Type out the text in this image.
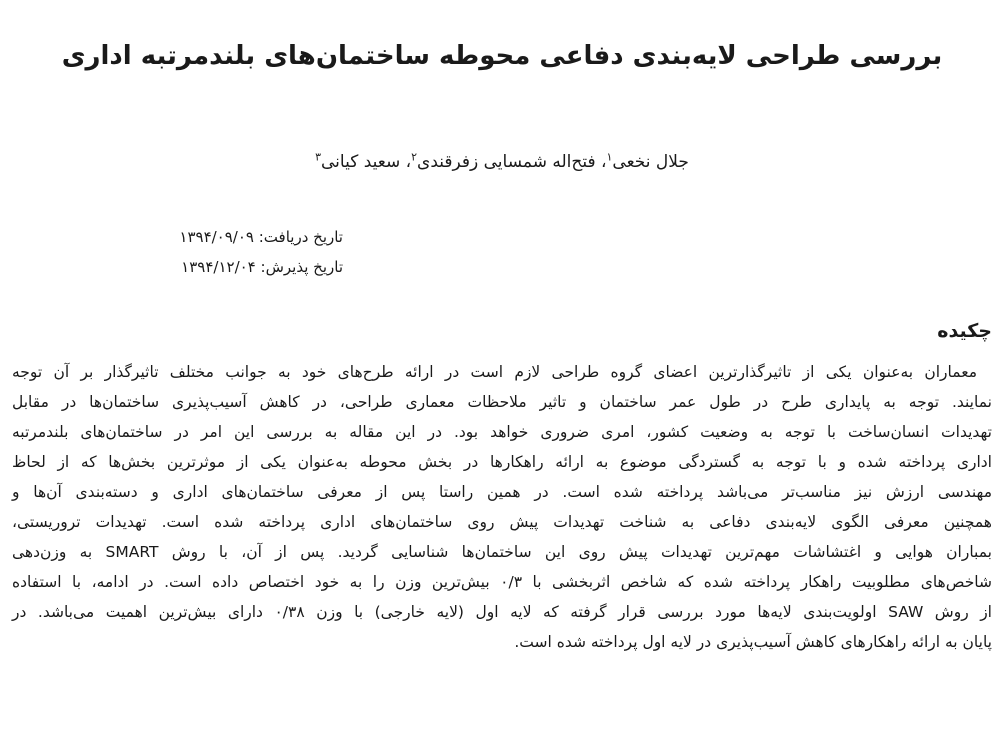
بررسی طراحی لایه‌بندی دفاعی محوطه ساختمان‌های بلندمرتبه اداری
جلال نخعی$^۱$، فتح‌اله شمسایی زفرقندی$^۲$، سعید کیانی$^۳$
تاریخ دریافت: ۱۳۹۴/۰۹/۰۹
تاریخ پذیرش: ۱۳۹۴/۱۲/۰۴
چکیده
معماران به‌عنوان یکی از تاثیرگذارترین اعضای گروه طراحی لازم است در ارائه طرح‌های خود به جوانب مختلف تاثیرگذار بر آن توجه
نمایند. توجه به پایداری طرح در طول عمر ساختمان و تاثیر ملاحظات معماری طراحی، در کاهش آسیب‌پذیری ساختمان‌ها در مقابل
تهدیدات انسان‌ساخت با توجه به وضعیت کشور، امری ضروری خواهد بود. در این مقاله به بررسی این امر در ساختمان‌های بلندمرتبه
اداری پرداخته شده و با توجه به گستردگی موضوع به ارائه راهکارها در بخش محوطه به‌عنوان یکی از موثرترین بخش‌ها که از لحاظ
مهندسی ارزش نیز مناسب‌تر می‌باشد پرداخته شده است. در همین راستا پس از معرفی ساختمان‌های اداری و دسته‌بندی آن‌ها و
همچنین معرفی الگوی لایه‌بندی دفاعی به شناخت تهدیدات پیش روی ساختمان‌های اداری پرداخته شده است. تهدیدات تروریستی،
بمباران هوایی و اغتشاشات مهم‌ترین تهدیدات پیش روی این ساختمان‌ها شناسایی گردید. پس از آن، با روش SMART به وزن‌دهی
شاخص‌های مطلوبیت راهکار پرداخته شده که شاخص اثربخشی با ۰/۳ بیش‌ترین وزن را به خود اختصاص داده است. در ادامه، با استفاده
از روش SAW اولویت‌بندی لایه‌ها مورد بررسی قرار گرفته که لایه اول (لایه خارجی) با وزن ۰/۳۸ دارای بیش‌ترین اهمیت می‌باشد. در
پایان به ارائه راهکارهای کاهش آسیب‌پذیری در لایه اول پرداخته شده است.
